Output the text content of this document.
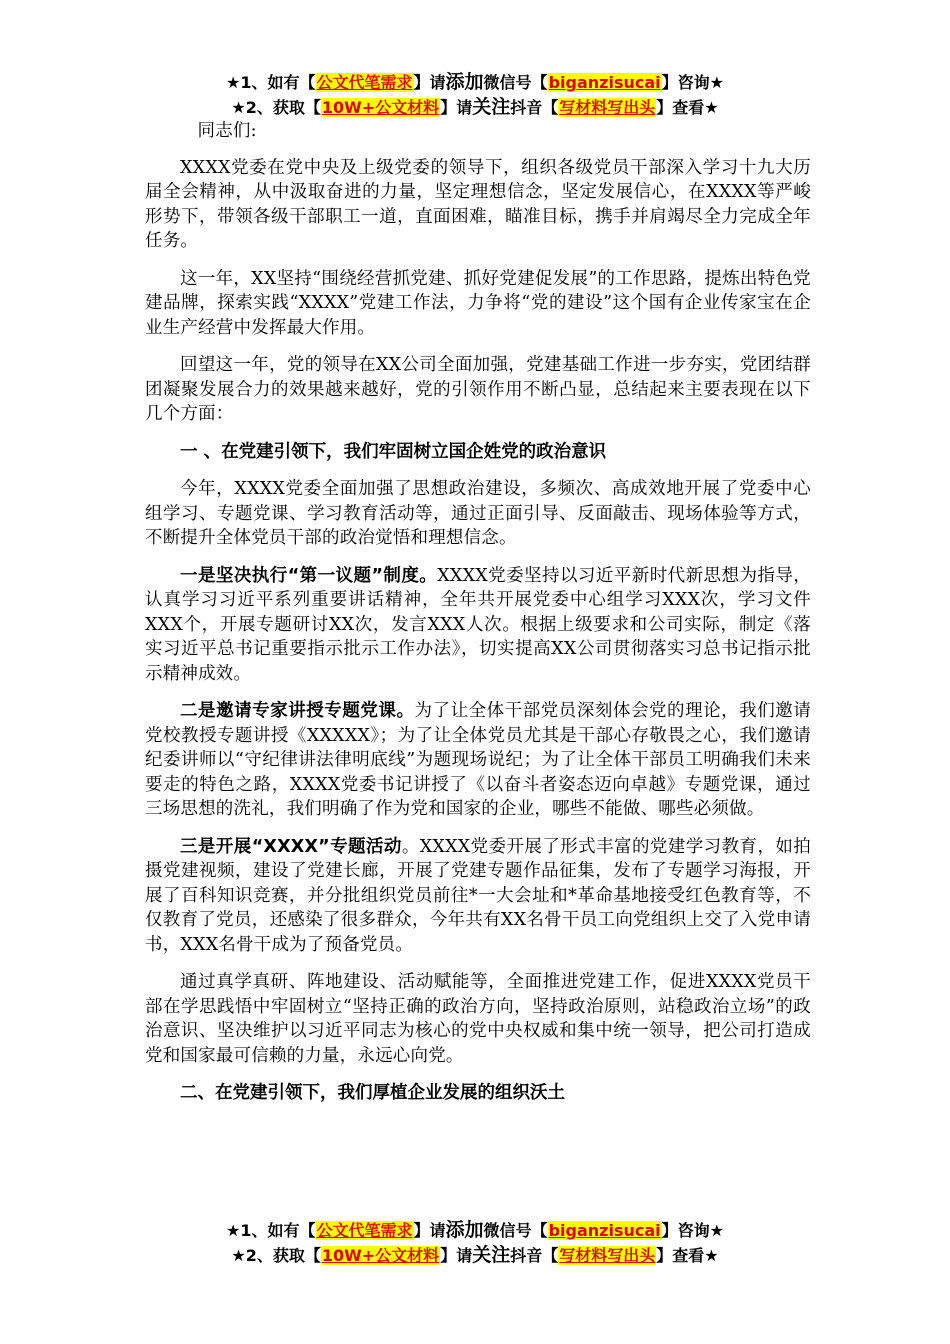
★1、如有【公文代笔需求】请添加微信号【biganzisucai】咨询★
★2、获取【10W+公文材料】请关注抖音【写材料写出头】查看★

同志们:

XXXX党委在党中央及上级党委的领导下，组织各级党员干部深入学习十九大历届全会精神，从中汲取奋进的力量，坚定理想信念，坚定发展信心，在XXXX等严峻形势下，带领各级干部职工一道，直面困难，瞄准目标，携手并肩竭尽全力完成全年任务。

这一年，XX坚持“围绕经营抓党建、抓好党建促发展”的工作思路，提炼出特色党建品牌，探索实践“XXXX”党建工作法，力争将“党的建设”这个国有企业传家宝在企业生产经营中发挥最大作用。

回望这一年，党的领导在XX公司全面加强，党建基础工作进一步夯实，党团结群团凝聚发展合力的效果越来越好，党的引领作用不断凸显，总结起来主要表现在以下几个方面：

一 、在党建引领下，我们牢固树立国企姓党的政治意识

今年，XXXX党委全面加强了思想政治建设，多频次、高成效地开展了党委中心组学习、专题党课、学习教育活动等，通过正面引导、反面敲击、现场体验等方式，不断提升全体党员干部的政治觉悟和理想信念。

一是坚决执行“第一议题”制度。XXXX党委坚持以习近平新时代新思想为指导，认真学习习近平系列重要讲话精神，全年共开展党委中心组学习XXX次，学习文件XXX个，开展专题研讨XX次，发言XXX人次。根据上级要求和公司实际，制定《落实习近平总书记重要指示批示工作办法》，切实提高XX公司贯彻落实习总书记指示批示精神成效。

二是邀请专家讲授专题党课。为了让全体干部党员深刻体会党的理论，我们邀请党校教授专题讲授《XXXXX》；为了让全体党员尤其是干部心存敬畏之心，我们邀请纪委讲师以“守纪律讲法律明底线”为题现场说纪；为了让全体干部员工明确我们未来要走的特色之路，XXXX党委书记讲授了《以奋斗者姿态迈向卓越》专题党课，通过三场思想的洗礼，我们明确了作为党和国家的企业，哪些不能做、哪些必须做。

三是开展“XXXX”专题活动。XXXX党委开展了形式丰富的党建学习教育，如拍摄党建视频，建设了党建长廊，开展了党建专题作品征集，发布了专题学习海报，开展了百科知识竞赛，并分批组织党员前往*一大会址和*革命基地接受红色教育等，不仅教育了党员，还感染了很多群众，今年共有XX名骨干员工向党组织上交了入党申请书，XXX名骨干成为了预备党员。

通过真学真研、阵地建设、活动赋能等，全面推进党建工作，促进XXXX党员干部在学思践悟中牢固树立“坚持正确的政治方向，坚持政治原则，站稳政治立场”的政治意识、坚决维护以习近平同志为核心的党中央权威和集中统一领导，把公司打造成党和国家最可信赖的力量，永远心向党。

二、在党建引领下，我们厚植企业发展的组织沃土

★1、如有【公文代笔需求】请添加微信号【biganzisucai】咨询★
★2、获取【10W+公文材料】请关注抖音【写材料写出头】查看★
